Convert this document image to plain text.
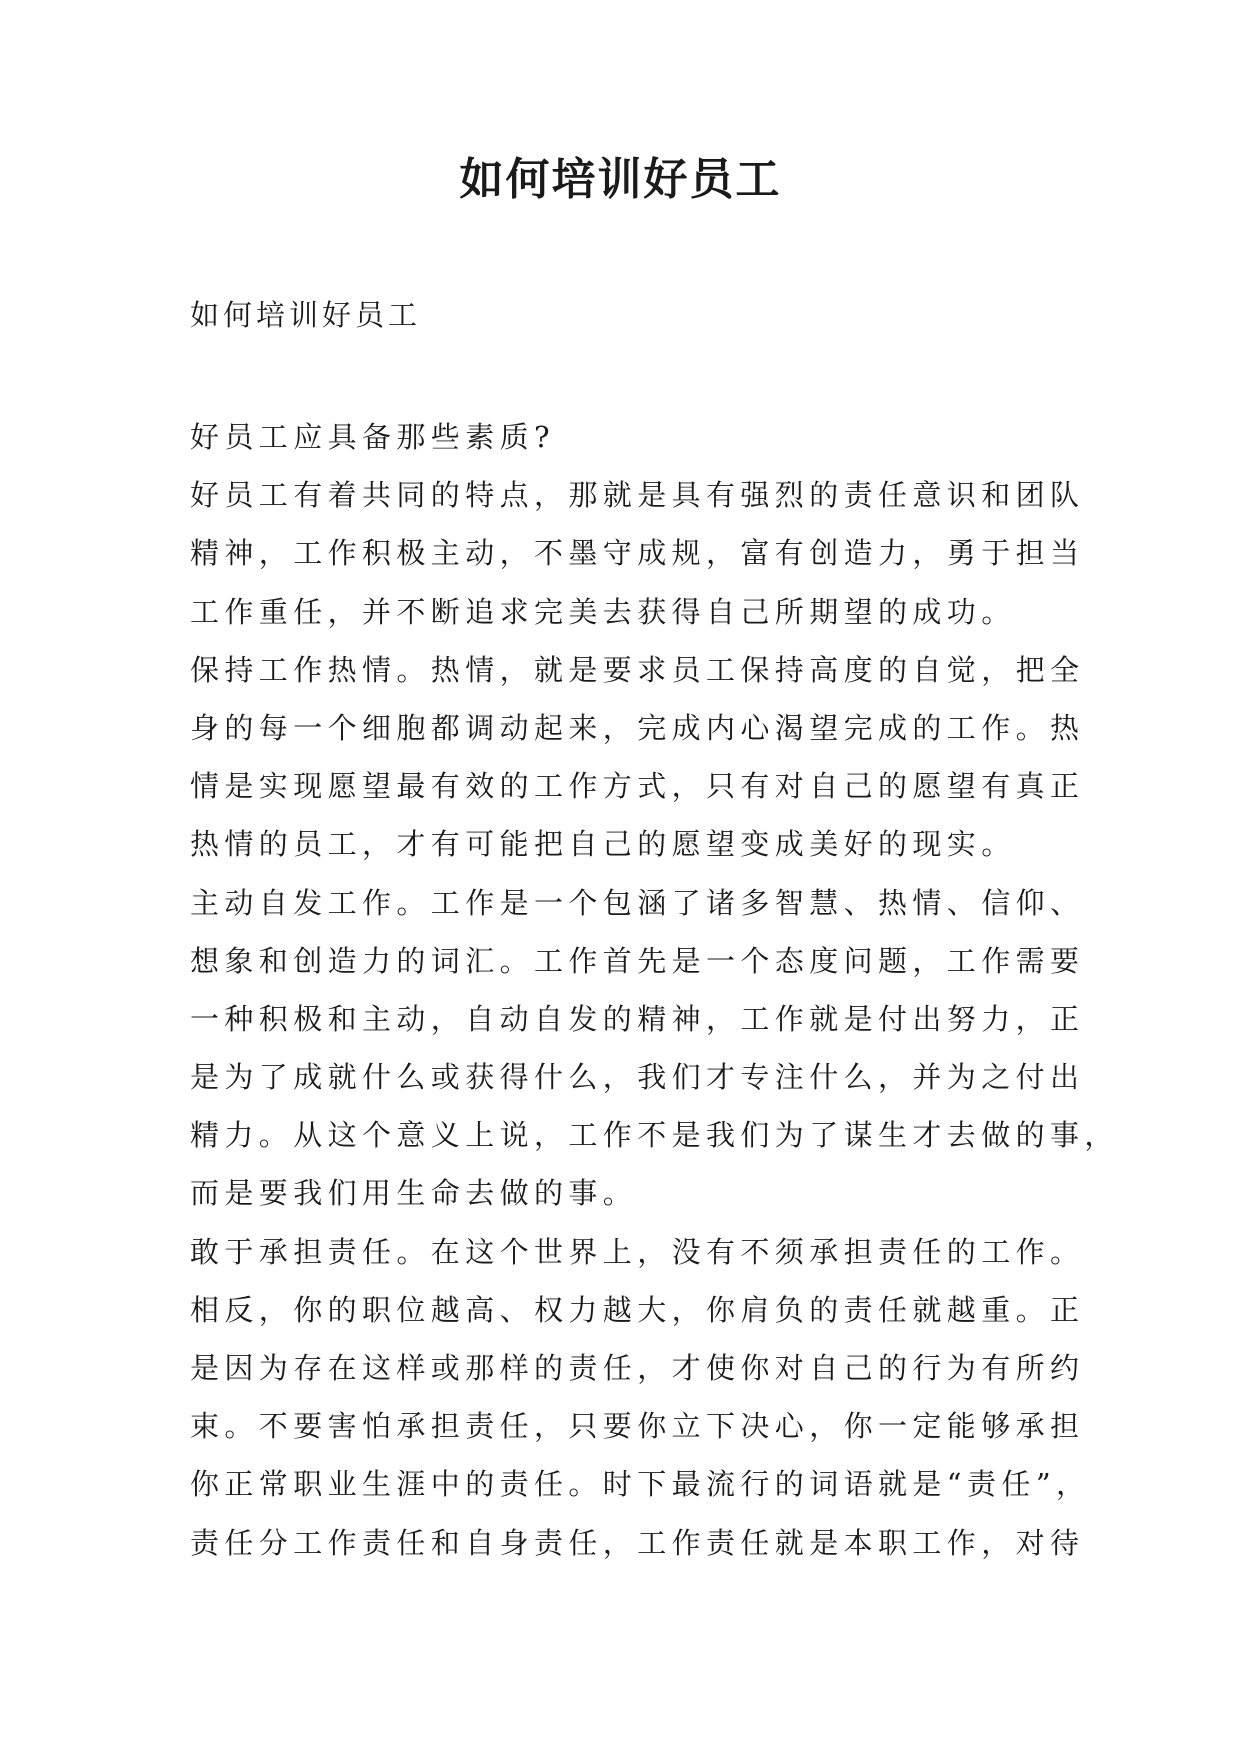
如何培训好员工
如何培训好员工
好员工应具备那些素质?
好员工有着共同的特点，那就是具有强烈的责任意识和团队
精神，工作积极主动，不墨守成规，富有创造力，勇于担当
工作重任，并不断追求完美去获得自己所期望的成功。
保持工作热情。热情，就是要求员工保持高度的自觉，把全
身的每一个细胞都调动起来，完成内心渴望完成的工作。热
情是实现愿望最有效的工作方式，只有对自己的愿望有真正
热情的员工，才有可能把自己的愿望变成美好的现实。
主动自发工作。工作是一个包涵了诸多智慧、热情、信仰、
想象和创造力的词汇。工作首先是一个态度问题，工作需要
一种积极和主动，自动自发的精神，工作就是付出努力，正
是为了成就什么或获得什么，我们才专注什么，并为之付出
精力。从这个意义上说，工作不是我们为了谋生才去做的事，
而是要我们用生命去做的事。
敢于承担责任。在这个世界上，没有不须承担责任的工作。
相反，你的职位越高、权力越大，你肩负的责任就越重。正
是因为存在这样或那样的责任，才使你对自己的行为有所约
束。不要害怕承担责任，只要你立下决心，你一定能够承担
你正常职业生涯中的责任。时下最流行的词语就是“责任”，
责任分工作责任和自身责任，工作责任就是本职工作，对待
